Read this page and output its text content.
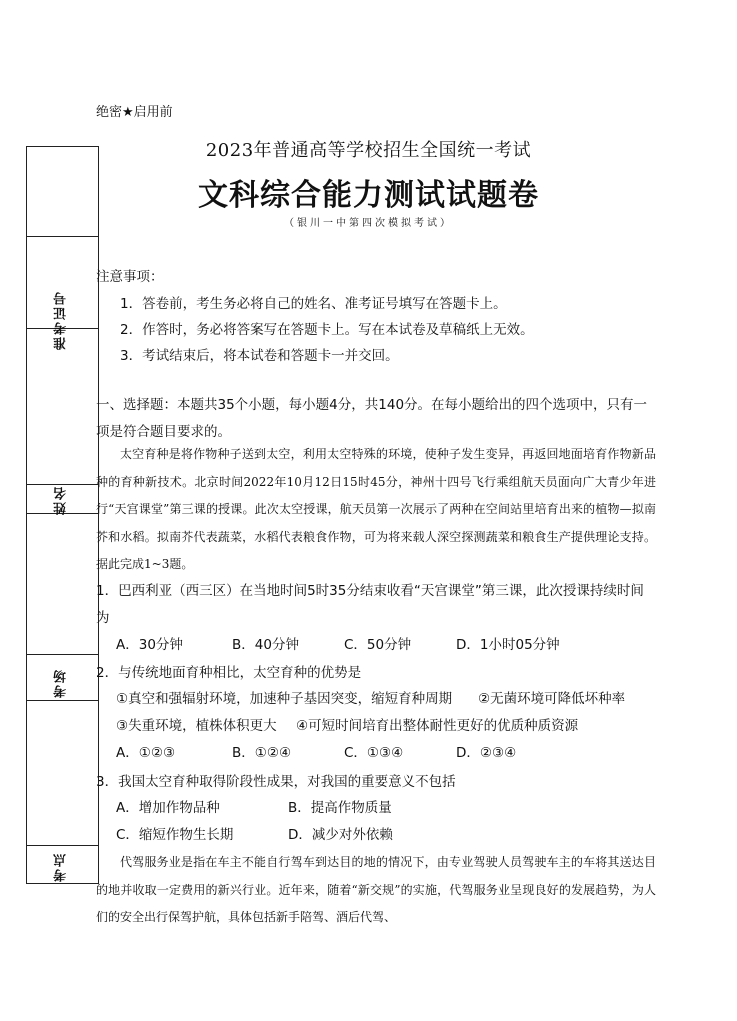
准考证号
姓名
考场
考点
绝密★启用前
2023年普通高等学校招生全国统一考试
文科综合能力测试试题卷
（银川一中第四次模拟考试）
注意事项：
1．答卷前，考生务必将自己的姓名、准考证号填写在答题卡上。
2．作答时，务必将答案写在答题卡上。写在本试卷及草稿纸上无效。
3．考试结束后，将本试卷和答题卡一并交回。
一、选择题：本题共35个小题，每小题4分，共140分。在每小题给出的四个选项中，只有一项是符合题目要求的。
太空育种是将作物种子送到太空，利用太空特殊的环境，使种子发生变异，再返回地面培育作物新品种的育种新技术。北京时间2022年10月12日15时45分，神州十四号飞行乘组航天员面向广大青少年进行“天宫课堂”第三课的授课。此次太空授课，航天员第一次展示了两种在空间站里培育出来的植物—拟南芥和水稻。拟南芥代表蔬菜，水稻代表粮食作物，可为将来载人深空探测蔬菜和粮食生产提供理论支持。据此完成1~3题。
1．巴西利亚（西三区）在当地时间5时35分结束收看“天宫课堂”第三课，此次授课持续时间为
A．30分钟	B．40分钟	C．50分钟	D．1小时05分钟
2．与传统地面育种相比，太空育种的优势是
①真空和强辐射环境，加速种子基因突变，缩短育种周期 ②无菌环境可降低坏种率
③失重环境，植株体积更大 ④可短时间培育出整体耐性更好的优质种质资源
A．①②③	B．①②④	C．①③④	D．②③④
3．我国太空育种取得阶段性成果，对我国的重要意义不包括
A．增加作物品种	B．提高作物质量
C．缩短作物生长期	D．减少对外依赖
代驾服务业是指在车主不能自行驾车到达目的地的情况下，由专业驾驶人员驾驶车主的车将其送达目的地并收取一定费用的新兴行业。近年来，随着“新交规”的实施，代驾服务业呈现良好的发展趋势，为人们的安全出行保驾护航，具体包括新手陪驾、酒后代驾、
